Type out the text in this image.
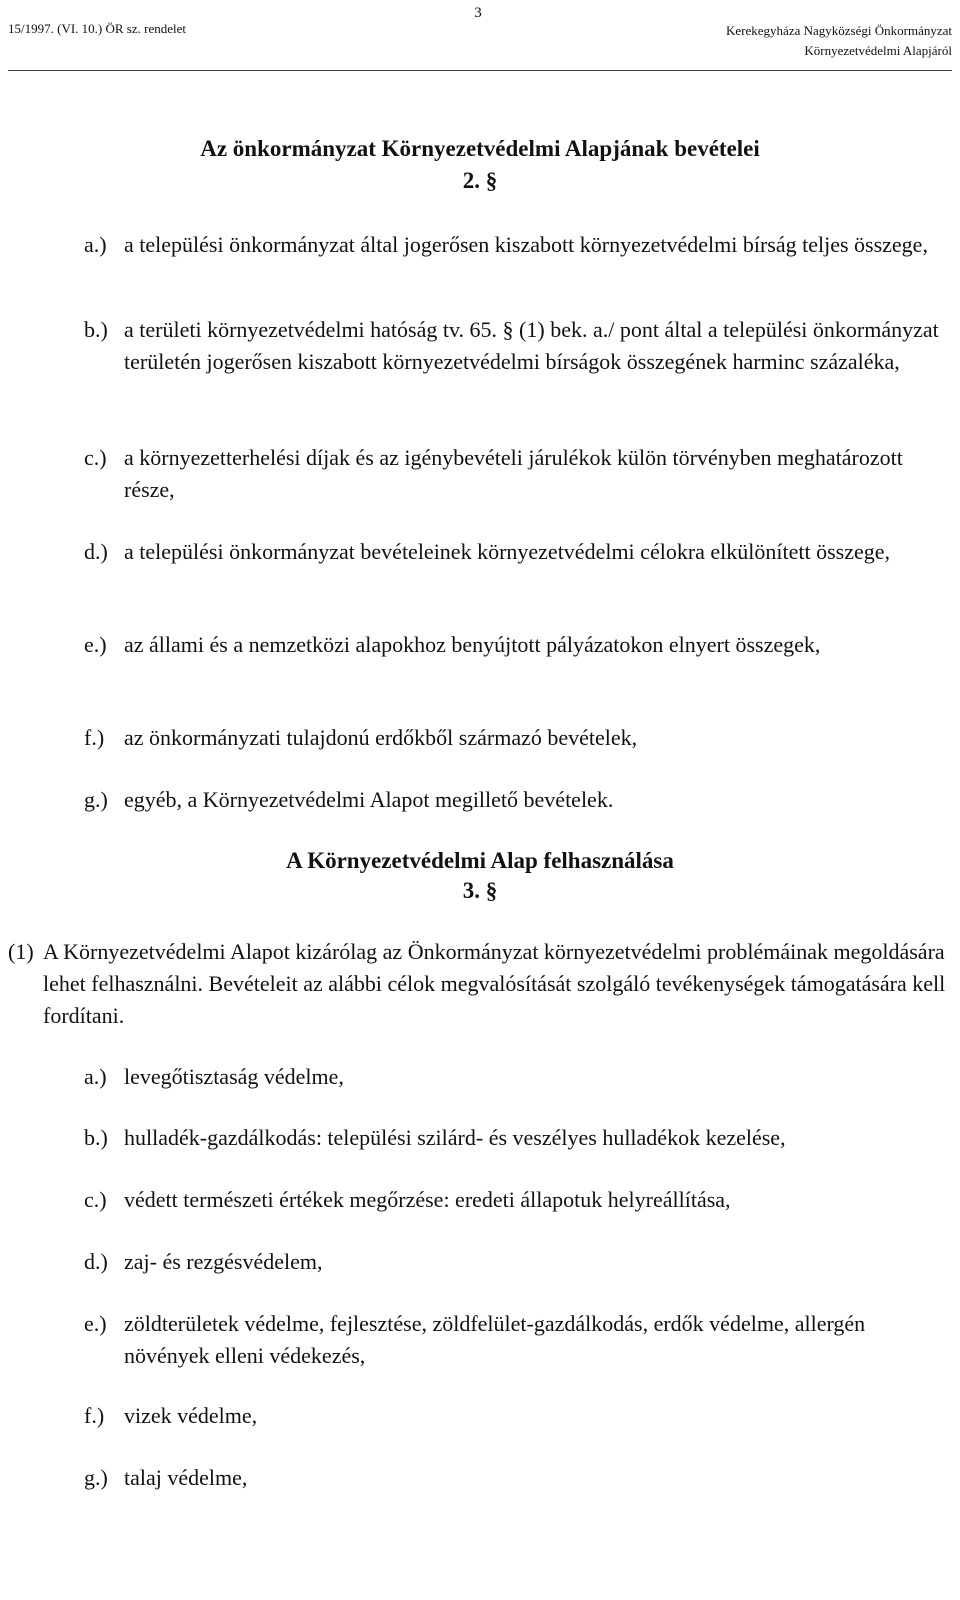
3
15/1997. (VI. 10.) ÖR sz. rendelet	Kerekegyháza Nagyközségi Önkormányzat
Környezetvédelmi Alapjáról
Az önkormányzat Környezetvédelmi Alapjának bevételei
2. §
a.) a települési önkormányzat által jogerősen kiszabott környezetvédelmi bírság teljes összege,
b.) a területi környezetvédelmi hatóság tv. 65. § (1) bek. a./ pont által a települési önkormányzat területén jogerősen kiszabott környezetvédelmi bírságok összegének harminc százaléka,
c.) a környezetterhelési díjak és az igénybevételi járulékok külön törvényben meghatározott része,
d.) a települési önkormányzat bevételeinek környezetvédelmi célokra elkülönített összege,
e.) az állami és a nemzetközi alapokhoz benyújtott pályázatokon elnyert összegek,
f.) az önkormányzati tulajdonú erdőkből származó bevételek,
g.) egyéb, a Környezetvédelmi Alapot megillető bevételek.
A Környezetvédelmi Alap felhasználása
3. §
(1) A Környezetvédelmi Alapot kizárólag az Önkormányzat környezetvédelmi problémáinak megoldására lehet felhasználni. Bevételeit az alábbi célok megvalósítását szolgáló tevékenységek támogatására kell fordítani.
a.) levegőtisztaság védelme,
b.) hulladék-gazdálkodás: települési szilárd- és veszélyes hulladékok kezelése,
c.) védett természeti értékek megőrzése: eredeti állapotuk helyreállítása,
d.) zaj- és rezgésvédelem,
e.) zöldterületek védelme, fejlesztése, zöldfelület-gazdálkodás, erdők védelme, allergén növények elleni védekezés,
f.) vizek védelme,
g.) talaj védelme,
